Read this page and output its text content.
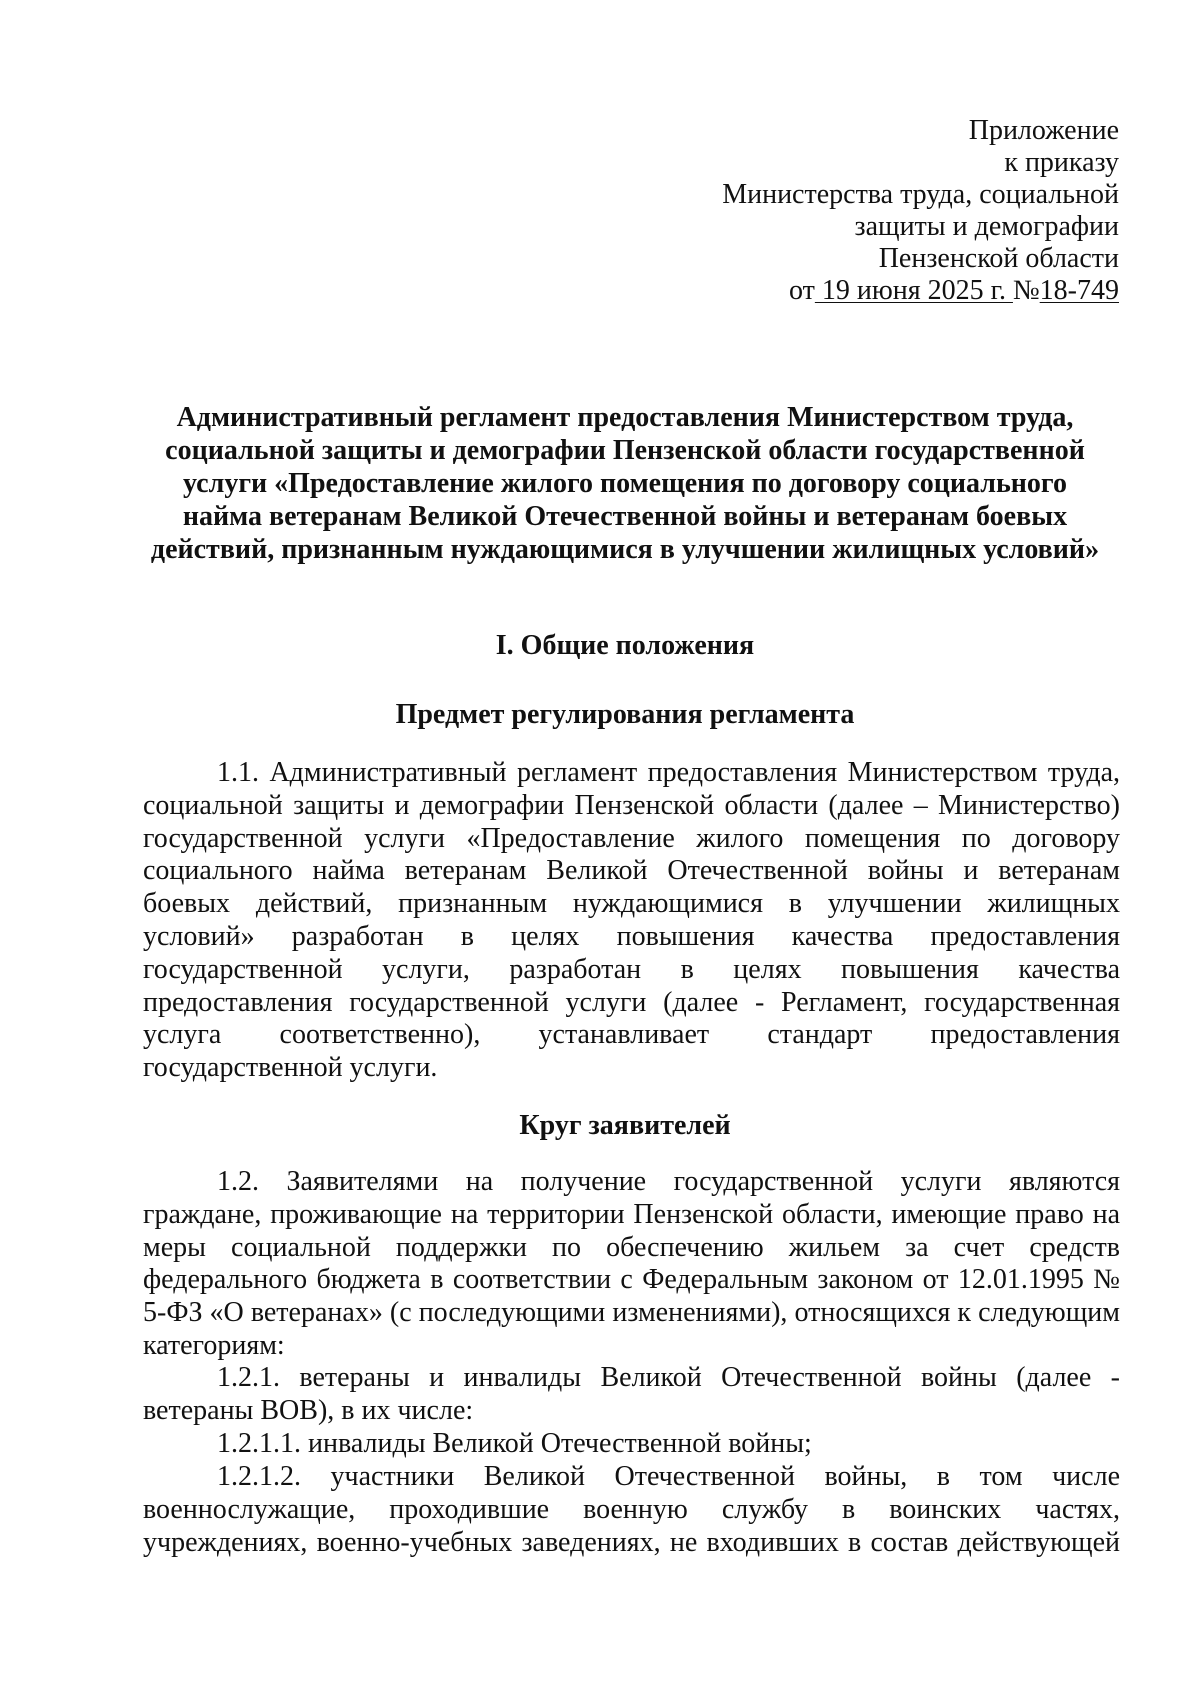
Приложение
к приказу
Министерства труда, социальной
защиты и демографии
Пензенской области
от 19 июня 2025 г. №18-749
Административный регламент предоставления Министерством труда,
социальной защиты и демографии Пензенской области государственной
услуги «Предоставление жилого помещения по договору социального
найма ветеранам Великой Отечественной войны и ветеранам боевых
действий, признанным нуждающимися в улучшении жилищных условий»
I. Общие положения
Предмет регулирования регламента
1.1. Административный регламент предоставления Министерством труда, социальной защиты и демографии Пензенской области (далее – Министерство) государственной услуги «Предоставление жилого помещения по договору социального найма ветеранам Великой Отечественной войны и ветеранам боевых действий, признанным нуждающимися в улучшении жилищных условий» разработан в целях повышения качества предоставления государственной услуги, разработан в целях повышения качества предоставления государственной услуги (далее - Регламент, государственная услуга соответственно), устанавливает стандарт предоставления государственной услуги.
Круг заявителей
1.2. Заявителями на получение государственной услуги являются граждане, проживающие на территории Пензенской области, имеющие право на меры социальной поддержки по обеспечению жильем за счет средств федерального бюджета в соответствии с Федеральным законом от 12.01.1995 № 5-ФЗ «О ветеранах» (с последующими изменениями), относящихся к следующим категориям:
1.2.1. ветераны и инвалиды Великой Отечественной войны (далее - ветераны ВОВ), в их числе:
1.2.1.1. инвалиды Великой Отечественной войны;
1.2.1.2. участники Великой Отечественной войны, в том числе военнослужащие, проходившие военную службу в воинских частях, учреждениях, военно-учебных заведениях, не входивших в состав действующей
